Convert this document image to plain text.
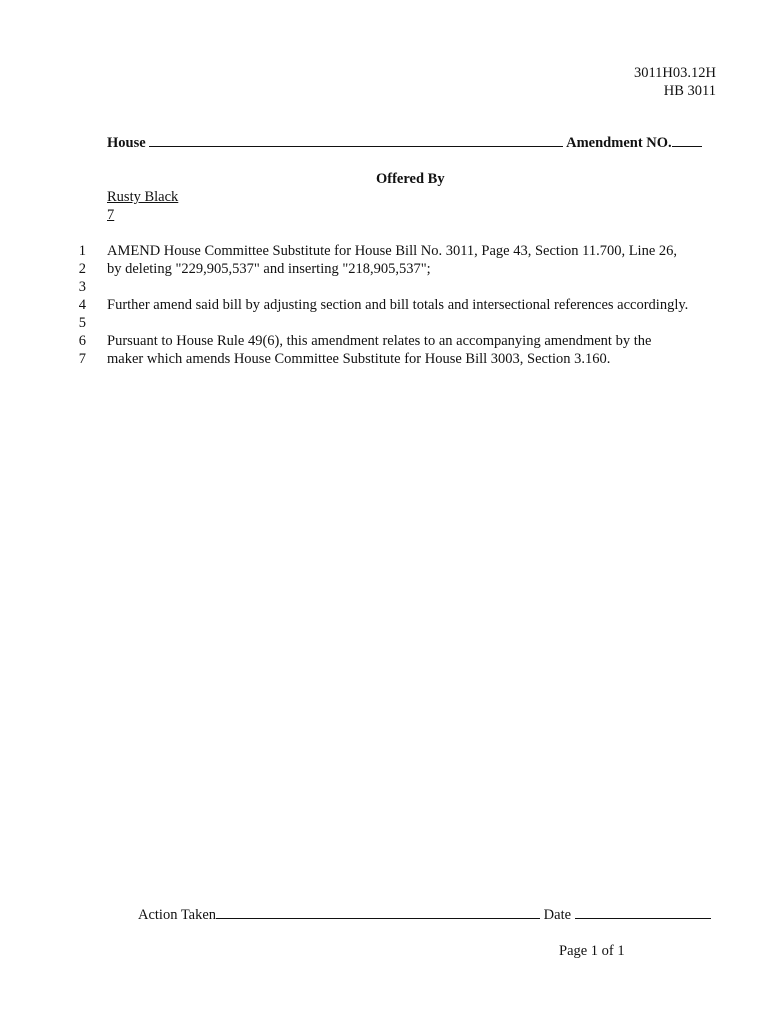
3011H03.12H
HB 3011
House	Amendment NO.
Offered By
Rusty Black
7
1
2
3
4
5
6
7
AMEND House Committee Substitute for House Bill No. 3011, Page 43, Section 11.700, Line 26,
by deleting "229,905,537" and inserting "218,905,537";
Further amend said bill by adjusting section and bill totals and intersectional references accordingly.
Pursuant to House Rule 49(6), this amendment relates to an accompanying amendment by the
maker which amends House Committee Substitute for House Bill 3003, Section 3.160.
Action Taken	Date
Page 1 of 1
